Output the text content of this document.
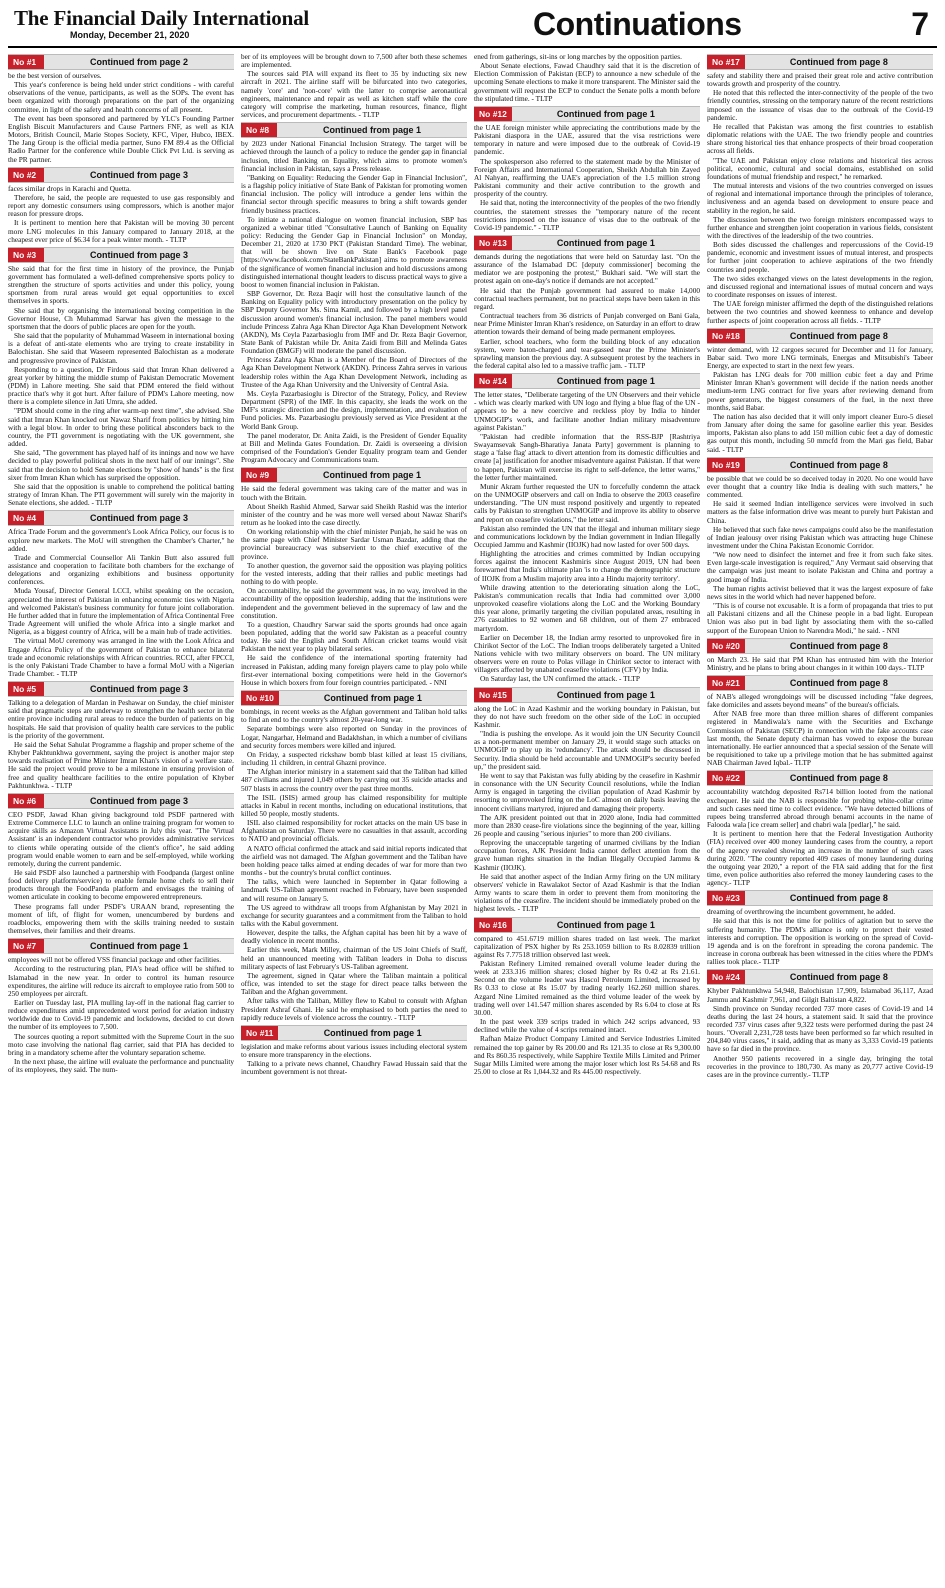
The Financial Daily International
Monday, December 21, 2020	Continuations	7
No #1	Continued from page 2

be the best version of ourselves.

This year's conference is being held under strict conditions - with careful observations of the venue, participants, as well as the SOPs. The event has been organized with thorough preparations on the part of the organizing committee, in light of the safety and health concerns of all present.

The event has been sponsored and partnered by YLC's Founding Partner English Biscuit Manufacturers and Cause Partners FNF, as well as KIA Motors, British Council, Marie Stopes Society, KFC, Viper, Hubco, IBEX. The Jang Group is the official media partner, Suno FM 89.4 as the Official Radio Partner for the conference while Double Click Pvt Ltd. is serving as the PR partner.

No #2	Continued from page 3

faces similar drops in Karachi and Quetta.

Therefore, he said, the people are requested to use gas responsibly and report any domestic consumers using compressors, which is another major reason for pressure drops.

It is pertinent to mention here that Pakistan will be moving 30 percent more LNG molecules in this January compared to January 2018, at the cheapest ever price of $6.34 for a peak winter month. - TLTP

No #3	Continued from page 3

She said that for the first time in history of the province, the Punjab government has formulated a well-defined comprehensive sports policy to strengthen the structure of sports activities and under this policy, young sportsmen from rural areas would get equal opportunities to excel themselves in sports.

She said that by organising the international boxing competition in the Governor House, Ch Muhammad Sarwar has given the message to the sportsmen that the doors of public places are open for the youth.

She said that the popularity of Muhammad Waseem in international boxing is a defeat of anti-state elements who are trying to create instability in Balochistan. She said that Waseem represented Balochistan as a moderate and progressive province of Pakistan.

Responding to a question, Dr Firdous said that Imran Khan delivered a great yorker by hitting the middle stump of Pakistan Democratic Movement (PDM) in Lahore meeting. She said that PDM entered the field without practice that's why it got hurt. After failure of PDM's Lahore meeting, now there is a complete silence in Jati Umra, she added.

"PDM should come in the ring after warm-up next time", she advised. She said that Imran Khan knocked out Nawaz Sharif from politics by hitting him with a legal blow. In order to bring these political absconders back to the country, the PTI government is negotiating with the UK government, she added.

She said, "The government has played half of its innings and now we have decided to play powerful political shots in the next half of our innings". She said that the decision to hold Senate elections by "show of hands" is the first sixer from Imran Khan which has surprised the opposition.

She said that the opposition is unable to comprehend the political batting strategy of Imran Khan. The PTI government will surely win the majority in Senate elections, she added. - TLTP

No #4	Continued from page 3

Africa Trade Forum and the government's Look Africa Policy, our focus is to explore new markets. The MoU will strengthen the Chamber's Charter," he added.

Trade and Commercial Counsellor Ali Tankin Butt also assured full assistance and cooperation to facilitate both chambers for the exchange of delegations and organizing exhibitions and business opportunity conferences.

Muda Yousaf, Director General LCCI, whilst speaking on the occasion, appreciated the interest of Pakistan in enhancing economic ties with Nigeria and welcomed Pakistan's business community for future joint collaboration. He further added that in future the implementation of Africa Continental Free Trade Agreement will unified the whole Africa into a single market and Nigeria, as a biggest country of Africa, will be a main hub of trade activities.

The virtual MoU ceremony was arranged in line with the Look Africa and Engage Africa Policy of the government of Pakistan to enhance bilateral trade and economic relationships with African countries. RCCI, after FPCCI, is the only Pakistani Trade Chamber to have a formal MoU with a Nigerian Trade Chamber. - TLTP

No #5	Continued from page 3

Talking to a delegation of Mardan in Peshawar on Sunday, the chief minister said that pragmatic steps are underway to strengthen the health sector in the entire province including rural areas to reduce the burden of patients on big hospitals. He said that provision of quality health care services to the public is the priority of the government.

He said the Sehat Sahulat Programme a flagship and proper scheme of the Khyber Pakhtunkhwa government, saying the project is another major step towards realisation of Prime Minister Imran Khan's vision of a welfare state. He said the project would prove to be a milestone in ensuring provision of free and quality healthcare facilities to the entire population of Khyber Pakhtunkhwa. - TLTP

No #6	Continued from page 3

CEO PSDF, Jawad Khan giving background told PSDF partnered with Extreme Commerce LLC to launch an online training program for women to acquire skills as Amazon Virtual Assistants in July this year. "The 'Virtual Assistant' is an independent contractor who provides administrative services to clients while operating outside of the client's office", he said adding program would enable women to earn and be self-employed, while working remotely, during the current pandemic.

He said PSDF also launched a partnership with Foodpanda (largest online food delivery platform/service) to enable female home chefs to sell their products through the FoodPanda platform and envisages the training of women articulate in cooking to become empowered entrepreneurs.

These programs fall under PSDF's URAAN brand, representing the moment of lift, of flight for women, unencumbered by burdens and roadblocks, empowering them with the skills training needed to sustain themselves, their families and their dreams.

No #7	Continued from page 1

employees will not be offered VSS financial package and other facilities.

According to the restructuring plan, PIA's head office will be shifted to Islamabad in the new year. In order to control its human resource expenditures, the airline will reduce its aircraft to employee ratio from 500 to 250 employees per aircraft.

Earlier on Tuesday last, PIA mulling lay-off in the national flag carrier to reduce expenditures amid unprecedented worst period for aviation industry worldwide due to Covid-19 pandemic and lockdowns, decided to cut down the number of its employees to 7,500.

The sources quoting a report submitted with the Supreme Court in the suo moto case involving the national flag carrier, said that PIA has decided to bring in a mandatory scheme after the voluntary separation scheme.

In the next phase, the airline will evaluate the performance and punctuality of its employees, they said. The num-

ber of its employees will be brought down to 7,500 after both these schemes are implemented.

The sources said PIA will expand its fleet to 35 by inducting six new aircraft in 2021. The airline staff will be bifurcated into two categories, namely 'core' and 'non-core' with the latter to comprise aeronautical engineers, maintenance and repair as well as kitchen staff while the core category will comprise the marketing, human resources, finance, flight services, and procurement departments. - TLTP

No #8	Continued from page 1

by 2023 under National Financial Inclusion Strategy. The target will be achieved through the launch of a policy to reduce the gender gap in financial inclusion, titled Banking on Equality, which aims to promote women's financial inclusion in Pakistan, says a Press release.

"Banking on Equality: Reducing the Gender Gap in Financial Inclusion", is a flagship policy initiative of State Bank of Pakistan for promoting women financial inclusion. The policy will introduce a gender lens within the financial sector through specific measures to bring a shift towards gender friendly business practices.

To initiate a national dialogue on women financial inclusion, SBP has organized a webinar titled "Consultative Launch of Banking on Equality policy: Reducing the Gender Gap in Financial Inclusion" on Monday, December 21, 2020 at 1730 PKT (Pakistan Standard Time). The webinar, that will be shown live on State Bank's Facebook page [https://www.facebook.com/StateBankPakistan] aims to promote awareness of the significance of women financial inclusion and hold discussions among distinguished international thought leaders to discuss practical ways to give a boost to women financial inclusion in Pakistan.

SBP Governor, Dr. Reza Baqir will host the consultative launch of the Banking on Equality policy with introductory presentation on the policy by SBP Deputy Governor Ms. Sima Kamil, and followed by a high level panel discussion around women's financial inclusion. The panel members would include Princess Zahra Aga Khan Director Aga Khan Development Network (AKDN), Ms Ceyla Pazarbasioglu from IMF and Dr. Reza Baqir Governor, State Bank of Pakistan while Dr. Anita Zaidi from Bill and Melinda Gates Foundation (BMGF) will moderate the panel discussion.

Princess Zahra Aga Khan is a Member of the Board of Directors of the Aga Khan Development Network (AKDN). Princess Zahra serves in various leadership roles within the Aga Khan Development Network, including as Trustee of the Aga Khan University and the University of Central Asia.

Ms. Ceyla Pazarbasioglu is Director of the Strategy, Policy, and Review Department (SPR) of the IMF. In this capacity, she leads the work on the IMF's strategic direction and the design, implementation, and evaluation of Fund policies. Ms. Pazarbasioglu previously served as Vice President at the World Bank Group.

The panel moderator, Dr. Anita Zaidi, is the President of Gender Equality at Bill and Melinda Gates Foundation. Dr. Zaidi is overseeing a division comprised of the Foundation's Gender Equality program team and Gender Program Advocacy and Communications team.

No #9	Continued from page 1

He said the federal government was taking care of the matter and was in touch with the Britain.

About Sheikh Rashid Ahmed, Sarwar said Sheikh Rashid was the interior minister of the country and he was more well versed about Nawaz Sharif's return as he looked into the case directly.

On working relationship with the chief minister Punjab, he said he was on the same page with Chief Minister Sardar Usman Bazdar, adding that the provincial bureaucracy was subservient to the chief executive of the province.

To another question, the governor said the opposition was playing politics for the vested interests, adding that their rallies and public meetings had nothing to do with people.

On accountability, he said the government was, in no way, involved in the accountability of the opposition leadership, adding that the institutions were independent and the government believed in the supremacy of law and the constitution.

To a question, Chaudhry Sarwar said the sports grounds had once again been populated, adding that the world saw Pakistan as a peaceful country today. He said the English and South African cricket teams would visit Pakistan the next year to play bilateral series.

He said the confidence of the international sporting fraternity had increased in Pakistan, adding many foreign players came to play polo while first-ever international boxing competitions were held in the Governor's House in which boxers from four foreign countries participated. - NNI

No #10	Continued from page 1

bombings, in recent weeks as the Afghan government and Taliban hold talks to find an end to the country's almost 20-year-long war.

Separate bombings were also reported on Sunday in the provinces of Logar, Nangarhar, Helmand and Badakhshan, in which a number of civilians and security forces members were killed and injured.

On Friday, a suspected rickshaw bomb blast killed at least 15 civilians, including 11 children, in central Ghazni province.

The Afghan interior ministry in a statement said that the Taliban had killed 487 civilians and injured 1,049 others by carrying out 35 suicide attacks and 507 blasts in across the country over the past three months.

The ISIL (ISIS) armed group has claimed responsibility for multiple attacks in Kabul in recent months, including on educational institutions, that killed 50 people, mostly students.

ISIL also claimed responsibility for rocket attacks on the main US base in Afghanistan on Saturday. There were no casualties in that assault, according to NATO and provincial officials.

A NATO official confirmed the attack and said initial reports indicated that the airfield was not damaged. The Afghan government and the Taliban have been holding peace talks aimed at ending decades of war for more than two months - but the country's brutal conflict continues.

The talks, which were launched in September in Qatar following a landmark US-Taliban agreement reached in February, have been suspended and will resume on January 5.

The US agreed to withdraw all troops from Afghanistan by May 2021 in exchange for security guarantees and a commitment from the Taliban to hold talks with the Kabul government.

However, despite the talks, the Afghan capital has been hit by a wave of deadly violence in recent months.

Earlier this week, Mark Milley, chairman of the US Joint Chiefs of Staff, held an unannounced meeting with Taliban leaders in Doha to discuss military aspects of last February's US-Taliban agreement.

The agreement, signed in Qatar where the Taliban maintain a political office, was intended to set the stage for direct peace talks between the Taliban and the Afghan government.

After talks with the Taliban, Milley flew to Kabul to consult with Afghan President Ashraf Ghani. He said he emphasised to both parties the need to rapidly reduce levels of violence across the country. - TLTP

No #11	Continued from page 1

legislation and make reforms about various issues including electoral system to ensure more transparency in the elections.

Talking to a private news channel, Chaudhry Fawad Hussain said that the incumbent government is not threat-

ened from gatherings, sit-ins or long marches by the opposition parties.

About Senate elections, Fawad Chaudhry said that it is the discretion of Election Commission of Pakistan (ECP) to announce a new schedule of the upcoming Senate elections to make it more transparent. The Minister said the government will request the ECP to conduct the Senate polls a month before the stipulated time. - TLTP

No #12	Continued from page 1

the UAE foreign minister while appreciating the contributions made by the Pakistani diaspora in the UAE, assured that the visa restrictions were temporary in nature and were imposed due to the outbreak of Covid-19 pandemic.

The spokesperson also referred to the statement made by the Minister of Foreign Affairs and International Cooperation, Sheikh Abdullah bin Zayed Al Nahyan, reaffirming the UAE's appreciation of the 1.5 million strong Pakistani community and their active contribution to the growth and prosperity of the country.

He said that, noting the interconnectivity of the peoples of the two friendly countries, the statement stresses the "temporary nature of the recent restrictions imposed on the issuance of visas due to the outbreak of the Covid-19 pandemic." - TLTP

No #13	Continued from page 1

demands during the negotiations that were held on Saturday last. "On the assurance of the Islamabad DC [deputy commissioner] becoming the mediator we are postponing the protest," Bukhari said. "We will start the protest again on one-day's notice if demands are not accepted."

He said that the Punjab government had assured to make 14,000 contractual teachers permanent, but no practical steps have been taken in this regard.

Contractual teachers from 36 districts of Punjab converged on Bani Gala, near Prime Minister Imran Khan's residence, on Saturday in an effort to draw attention towards their demand of being made permanent employees.

Earlier, school teachers, who form the building block of any education system, were baton-charged and tear-gassed near the Prime Minister's sprawling mansion the previous day. A subsequent protest by the teachers in the federal capital also led to a massive traffic jam. - TLTP

No #14	Continued from page 1

The letter states, "Deliberate targeting of the UN Observers and their vehicle - which was clearly marked with UN logo and flying a blue flag of the UN - appears to be a new coercive and reckless ploy by India to hinder UNMOGIP's work, and facilitate another Indian military misadventure against Pakistan."

"Pakistan had credible information that the RSS-BJP [Rashtriya Swayamsevak Sangh-Bharatiya Janata Party] government is planning to stage a 'false flag' attack to divert attention from its domestic difficulties and create [a] justification for another misadventure against Pakistan. If that were to happen, Pakistan will exercise its right to self-defence, the letter warns," the letter further maintained.

Munir Akram further requested the UN to forcefully condemn the attack on the UNMOGIP observers and call on India to observe the 2003 ceasefire understanding. "The UN must respond positively and urgently to repeated calls by Pakistan to strengthen UNMOGIP and improve its ability to observe and report on ceasefire violations," the letter said.

Pakistan also reminded the UN that the illegal and inhuman military siege and communications lockdown by the Indian government in Indian Illegally Occupied Jammu and Kashmir (IIOJK) had now lasted for over 500 days.

Highlighting the atrocities and crimes committed by Indian occupying forces against the innocent Kashmiris since August 2019, UN had been forewarned that India's ultimate plan 'is to change the demographic structure of IIOJK from a Muslim majority area into a Hindu majority territory'.

While drawing attention to the deteriorating situation along the LoC, Pakistan's communication recalls that India had committed over 3,000 unprovoked ceasefire violations along the LoC and the Working Boundary this year alone, primarily targeting the civilian populated areas, resulting in 276 casualties to 92 women and 68 children, out of them 27 embraced martyrdom.

Earlier on December 18, the Indian army resorted to unprovoked fire in Chirikot Sector of the LoC. The Indian troops deliberately targeted a United Nations vehicle with two military observers on board. The UN military observers were en route to Polas village in Chirikot sector to interact with villagers affected by unabated ceasefire violations (CFV) by India.

On Saturday last, the UN confirmed the attack. - TLTP

No #15	Continued from page 1

along the LoC in Azad Kashmir and the working boundary in Pakistan, but they do not have such freedom on the other side of the LoC in occupied Kashmir.

"India is pushing the envelope. As it would join the UN Security Council as a non-permanent member on January 29, it would stage such attacks on UNMOGIP to play up its 'redundancy'. The attack should be discussed in Security. India should be held accountable and UNMOGIP's security beefed up," the president said.

He went to say that Pakistan was fully abiding by the ceasefire in Kashmir in consonance with the UN Security Council resolutions, while the Indian Army is engaged in targeting the civilian population of Azad Kashmir by resorting to unprovoked firing on the LoC almost on daily basis leaving the innocent civilians martyred, injured and damaging their property.

The AJK president pointed out that in 2020 alone, India had committed more than 2830 cease-fire violations since the beginning of the year, killing 26 people and causing "serious injuries" to more than 200 civilians.

Reproving the unacceptable targeting of unarmed civilians by the Indian occupation forces, AJK President India cannot deflect attention from the grave human rights situation in the Indian Illegally Occupied Jammu & Kashmir (IIOJK).

He said that another aspect of the Indian Army firing on the UN military observers' vehicle in Rawalakot Sector of Azad Kashmir is that the Indian Army wants to scare them in order to prevent them from monitoring the violations of the ceasefire. The incident should be immediately probed on the highest levels. - TLTP

No #16	Continued from page 1

compared to 451.6719 million shares traded on last week. The market capitalization of PSX higher by Rs 253.1059 billion to Rs 8.02839 trillion against Rs 7.77518 trillion observed last week.

Pakistan Refinery Limited remained overall volume leader during the week at 233.316 million shares; closed higher by Rs 0.42 at Rs 21.61. Second on the volume leader was Hascol Petroleum Limited, increased by Rs 0.33 to close at Rs 15.07 by trading nearly 162.260 million shares. Azgard Nine Limited remained as the third volume leader of the week by trading well over 141.547 million shares ascended by Rs 6.04 to close at Rs 30.00.

In the past week 339 scrips traded in which 242 scrips advanced, 93 declined while the value of 4 scrips remained intact.

Rafhan Maize Product Company Limited and Service Industries Limited remained the top gainer by Rs 200.00 and Rs 121.35 to close at Rs 9,300.00 and Rs 860.35 respectively, while Sapphire Textile Mills Limited and Primer Sugar Mills Limited were among the major loser which lost Rs 54.68 and Rs 25.00 to close at Rs 1,044.32 and Rs 445.00 respectively.

No #17	Continued from page 8

safety and stability there and praised their great role and active contribution towards growth and prosperity of the country.

He noted that this reflected the inter-connectivity of the people of the two friendly countries, stressing on the temporary nature of the recent restrictions imposed on the issuance of visas due to the outbreak of the Covid-19 pandemic.

He recalled that Pakistan was among the first countries to establish diplomatic relations with the UAE. The two friendly people and countries share strong historical ties that enhance prospects of their broad cooperation across all fields.

"The UAE and Pakistan enjoy close relations and historical ties across political, economic, cultural and social domains, established on solid foundations of mutual friendship and respect," he remarked.

The mutual interests and visions of the two countries converged on issues of regional and international importance through the principles of tolerance, inclusiveness and an agenda based on development to ensure peace and stability in the region, he said.

The discussion between the two foreign ministers encompassed ways to further enhance and strengthen joint cooperation in various fields, consistent with the directives of the leadership of the two countries.

Both sides discussed the challenges and repercussions of the Covid-19 pandemic, economic and investment issues of mutual interest, and prospects for further joint cooperation to achieve aspirations of the two friendly countries and people.

The two sides exchanged views on the latest developments in the region, and discussed regional and international issues of mutual concern and ways to coordinate responses on issues of interest.

The UAE foreign minister affirmed the depth of the distinguished relations between the two countries and showed keenness to enhance and develop further aspects of joint cooperation across all fields. - TLTP

No #18	Continued from page 8

winter demand, with 12 cargoes secured for December and 11 for January, Babar said. Two more LNG terminals, Energas and Mitsubishi's Tabeer Energy, are expected to start in the next few years.

Pakistan has LNG deals for 700 million cubic feet a day and Prime Minister Imran Khan's government will decide if the nation needs another medium-term LNG contract for five years after reviewing demand from power generators, the biggest consumers of the fuel, in the next three months, said Babar.

The nation has also decided that it will only import cleaner Euro-5 diesel from January after doing the same for gasoline earlier this year. Besides imports, Pakistan also plans to add 150 million cubic feet a day of domestic gas output this month, including 50 mmcfd from the Mari gas field, Babar said. - TLTP

No #19	Continued from page 8

be possible that we could be so deceived today in 2020. No one would have ever thought that a country like India is dealing with such matters," he commented.

He said it seemed Indian intelligence services were involved in such matters as the false information drive was meant to purely hurt Pakistan and China.

He believed that such fake news campaigns could also be the manifestation of Indian jealousy over rising Pakistan which was attracting huge Chinese investment under the China Pakistan Economic Corridor.

"We now need to disinfect the internet and free it from such fake sites. Even large-scale investigation is required," Any Vermaut said observing that the campaign was just meant to isolate Pakistan and China and portray a good image of India.

The human rights activist believed that it was the largest exposure of fake news sites in the world which had never happened before.

"This is of course not excusable. It is a form of propaganda that tries to put all Pakistani citizens and all the Chinese people in a bad light. European Union was also put in bad light by associating them with the so-called support of the European Union to Narendra Modi," he said. - NNI

No #20	Continued from page 8

on March 23. He said that PM Khan has entrusted him with the Interior Ministry, and he plans to bring about changes in it within 100 days.- TLTP

No #21	Continued from page 8

of NAB's alleged wrongdoings will be discussed including "fake degrees, fake domiciles and assets beyond means" of the bureau's officials.

After NAB free more than three million shares of different companies registered in Mandiwala's name with the Securities and Exchange Commission of Pakistan (SECP) in connection with the fake accounts case last month, the Senate deputy chairman has vowed to expose the bureau internationally. He earlier announced that a special session of the Senate will be requisitioned to take up a privilege motion that he has submitted against NAB Chairman Javed Iqbal.- TLTP

No #22	Continued from page 8

accountability watchdog deposited Rs714 billion looted from the national exchequer. He said the NAB is responsible for probing white-collar crime and such cases need time to collect evidence. "We have detected billions of rupees being transferred abroad through benami accounts in the name of Falooda wala [ice cream seller] and chabri wala [pedlar]," he said.

It is pertinent to mention here that the Federal Investigation Authority (FIA) received over 400 money laundering cases from the country, a report of the agency revealed showing an increase in the number of such cases during 2020. "The country reported 409 cases of money laundering during the outgoing year 2020," a report of the FIA said adding that for the first time, even police authorities also referred the money laundering cases to the agency.- TLTP

No #23	Continued from page 8

dreaming of overthrowing the incumbent government, he added.

He said that this is not the time for politics of agitation but to serve the suffering humanity. The PDM's alliance is only to protect their vested interests and corruption. The opposition is working on the spread of Covid-19 agenda and is on the forefront in spreading the corona pandemic. The increase in corona outbreak has been witnessed in the cities where the PDM's rallies took place.- TLTP

No #24	Continued from page 8

Khyber Pakhtunkhwa 54,948, Balochistan 17,909, Islamabad 36,117, Azad Jammu and Kashmir 7,961, and Gilgit Baltistan 4,822.

Sindh province on Sunday recorded 737 more cases of Covid-19 and 14 deaths during the last 24 hours, a statement said. It said that the province recorded 737 virus cases after 9,322 tests were performed during the past 24 hours. "Overall 2,231,728 tests have been performed so far which resulted in 204,840 virus cases," it said, adding that as many as 3,333 Covid-19 patients have so far died in the province.

Another 950 patients recovered in a single day, bringing the total recoveries in the province to 180,730. As many as 20,777 active Covid-19 cases are in the province currently.- TLTP
